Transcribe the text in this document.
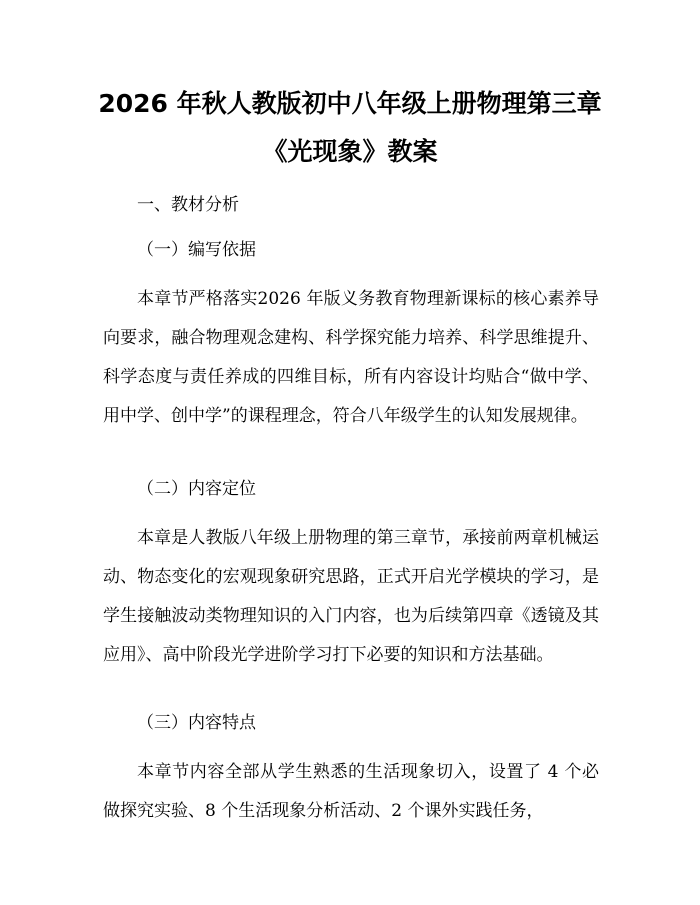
2026 年秋人教版初中八年级上册物理第三章
《光现象》教案

一、教材分析

（一）编写依据

本章节严格落实2026 年版义务教育物理新课标的核心素养导向要求，融合物理观念建构、科学探究能力培养、科学思维提升、科学态度与责任养成的四维目标，所有内容设计均贴合“做中学、用中学、创中学”的课程理念，符合八年级学生的认知发展规律。

（二）内容定位

本章是人教版八年级上册物理的第三章节，承接前两章机械运动、物态变化的宏观现象研究思路，正式开启光学模块的学习，是学生接触波动类物理知识的入门内容，也为后续第四章《透镜及其应用》、高中阶段光学进阶学习打下必要的知识和方法基础。

（三）内容特点

本章节内容全部从学生熟悉的生活现象切入，设置了 4 个必做探究实验、8 个生活现象分析活动、2 个课外实践任务，
